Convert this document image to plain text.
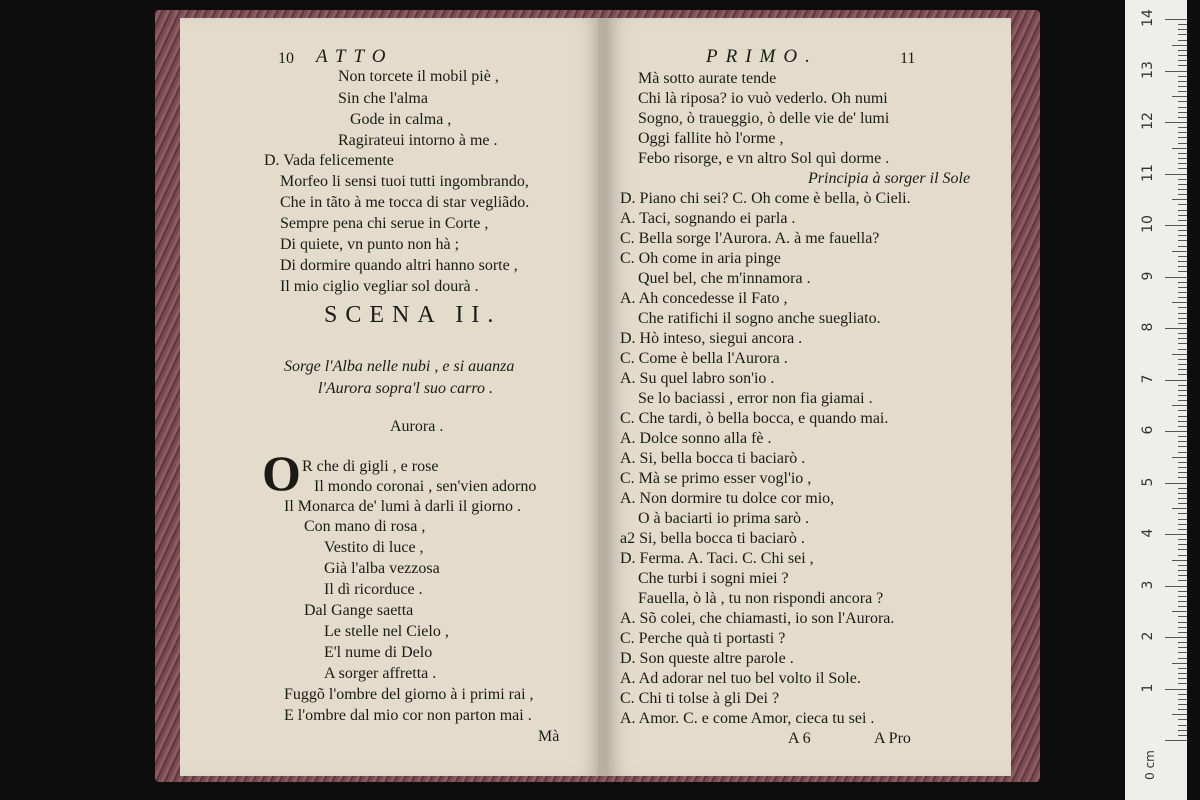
10 ATTO
Non torcete il mobil piè ,
Sin che l'alma
Gode in calma ,
Ragirateui intorno à me .
D. Vada felicemente
Morfeo li sensi tuoi tutti ingombrando,
Che in tãto à me tocca di star vegliãdo.
Sempre pena chi serue in Corte ,
Di quiete, vn punto non hà ;
Di dormire quando altri hanno sorte ,
Il mio ciglio vegliar sol dourà .
SCENA II.
Sorge l'Alba nelle nubi , e si auanza
l'Aurora sopra'l suo carro .
Aurora .
O R che di gigli , e rose
Il mondo coronai , sen'vien adorno
Il Monarca de' lumi à darli il giorno .
Con mano di rosa ,
Vestito di luce ,
Già l'alba vezzosa
Il dì ricorduce .
Dal Gange saetta
Le stelle nel Cielo ,
E'l nume di Delo
A sorger affretta .
Fuggõ l'ombre del giorno à i primi rai ,
E l'ombre dal mio cor non parton mai .
Mà
PRIMO.	11
Mà sotto aurate tende
Chi là riposa? io vuò vederlo. Oh numi
Sogno, ò traueggio, ò delle vie de' lumi
Oggi fallite hò l'orme ,
Febo risorge, e vn altro Sol quì dorme .
Principia à sorger il Sole
D. Piano chi sei? C. Oh come è bella, ò Cieli.
A. Taci, sognando ei parla .
C. Bella sorge l'Aurora. A. à me fauella?
C. Oh come in aria pinge
Quel bel, che m'innamora .
A. Ah concedesse il Fato ,
Che ratifichi il sogno anche suegliato.
D. Hò inteso, siegui ancora .
C. Come è bella l'Aurora .
A. Su quel labro son'io .
Se lo baciassi , error non fia giamai .
C. Che tardi, ò bella bocca, e quando mai.
A. Dolce sonno alla fè .
A. Si, bella bocca ti baciarò .
C. Mà se primo esser vogl'io ,
A. Non dormire tu dolce cor mio,
O à baciarti io prima sarò .
a2 Si, bella bocca ti baciarò .
D. Ferma. A. Taci. C. Chi sei ,
Che turbi i sogni miei ?
Fauella, ò là , tu non rispondi ancora ?
A. Sõ colei, che chiamasti, io son l'Aurora.
C. Perche quà ti portasti ?
D. Son queste altre parole .
A. Ad adorar nel tuo bel volto il Sole.
C. Chi ti tolse à gli Dei ?
A. Amor. C. e come Amor, cieca tu sei .
A 6	A Pro
1
2
3
4
5
6
7
8
9
10
11
12
13
14
0 cm
